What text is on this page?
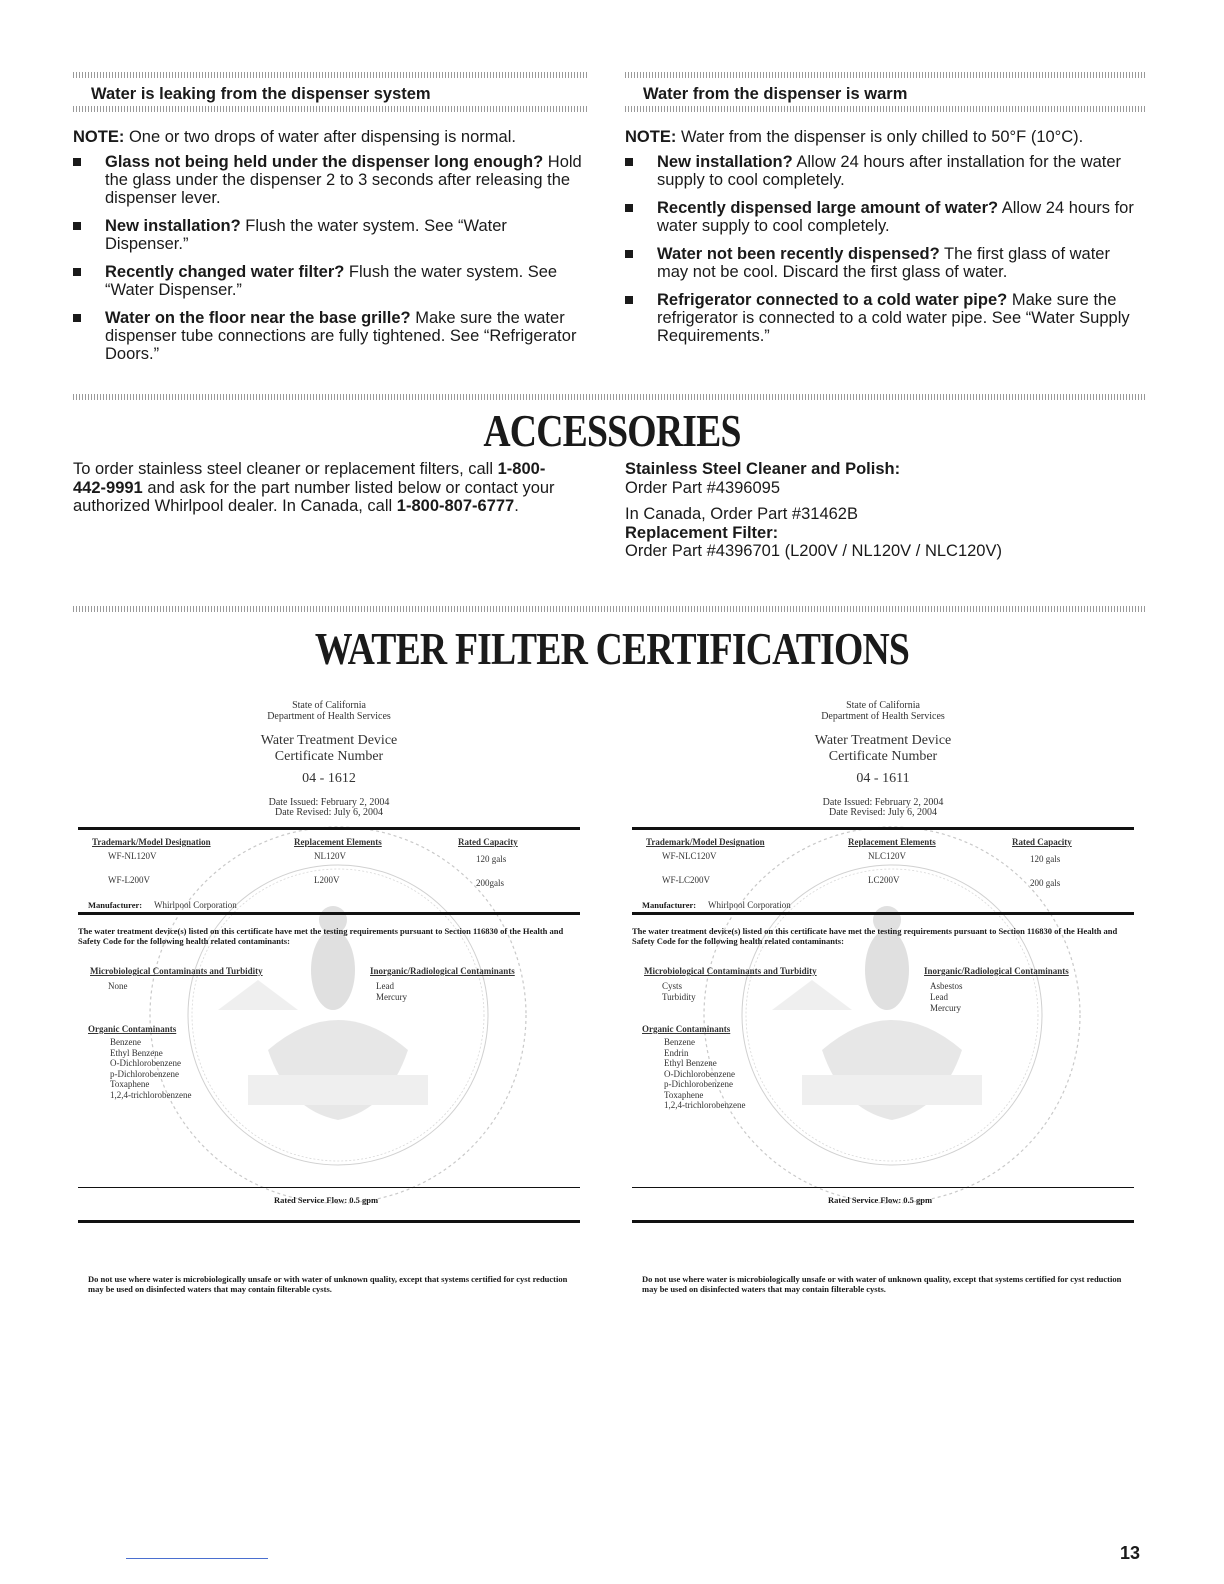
Water is leaking from the dispenser system

NOTE: One or two drops of water after dispensing is normal.

Glass not being held under the dispenser long enough? Hold the glass under the dispenser 2 to 3 seconds after releasing the dispenser lever.
New installation? Flush the water system. See “Water Dispenser.”
Recently changed water filter? Flush the water system. See “Water Dispenser.”
Water on the floor near the base grille? Make sure the water dispenser tube connections are fully tightened. See “Refrigerator Doors.”
Water from the dispenser is warm

NOTE: Water from the dispenser is only chilled to 50°F (10°C).

New installation? Allow 24 hours after installation for the water supply to cool completely.
Recently dispensed large amount of water? Allow 24 hours for water supply to cool completely.
Water not been recently dispensed? The first glass of water may not be cool. Discard the first glass of water.
Refrigerator connected to a cold water pipe? Make sure the refrigerator is connected to a cold water pipe. See “Water Supply Requirements.”
ACCESSORIES
To order stainless steel cleaner or replacement filters, call 1-800-442-9991 and ask for the part number listed below or contact your authorized Whirlpool dealer. In Canada, call 1-800-807-6777.

Stainless Steel Cleaner and Polish:

Order Part #4396095

In Canada, Order Part #31462B

Replacement Filter:

Order Part #4396701 (L200V / NL120V / NLC120V)

WATER FILTER CERTIFICATIONS
State of California
Department of Health Services
Water Treatment Device
Certificate Number
04 - 1612
Date Issued: February 2, 2004
Date Revised: July 6, 2004
Trademark/Model Designation	Replacement Elements	Rated Capacity
WF-NL120V	NL120V	120 gals
WF-L200V	L200V	200gals
Manufacturer: Whirlpool Corporation
The water treatment device(s) listed on this certificate have met the testing requirements pursuant to Section 116830 of the Health and Safety Code for the following health related contaminants:
Microbiological Contaminants and Turbidity
None
Inorganic/Radiological Contaminants
Lead
Mercury
Organic Contaminants
Benzene
Ethyl Benzene
O-Dichlorobenzene
p-Dichlorobenzene
Toxaphene
1,2,4-trichlorobenzene
Rated Service Flow: 0.5 gpm
Do not use where water is microbiologically unsafe or with water of unknown quality, except that systems certified for cyst reduction may be used on disinfected waters that may contain filterable cysts.
State of California
Department of Health Services
Water Treatment Device
Certificate Number
04 - 1611
Date Issued: February 2, 2004
Date Revised: July 6, 2004
Trademark/Model Designation	Replacement Elements	Rated Capacity
WF-NLC120V	NLC120V	120 gals
WF-LC200V	LC200V	200 gals
Manufacturer: Whirlpool Corporation
The water treatment device(s) listed on this certificate have met the testing requirements pursuant to Section 116830 of the Health and Safety Code for the following health related contaminants:
Microbiological Contaminants and Turbidity
Cysts
Turbidity
Inorganic/Radiological Contaminants
Asbestos
Lead
Mercury
Organic Contaminants
Benzene
Endrin
Ethyl Benzene
O-Dichlorobenzene
p-Dichlorobenzene
Toxaphene
1,2,4-trichlorobenzene
Rated Service Flow: 0.5 gpm
Do not use where water is microbiologically unsafe or with water of unknown quality, except that systems certified for cyst reduction may be used on disinfected waters that may contain filterable cysts.
13
